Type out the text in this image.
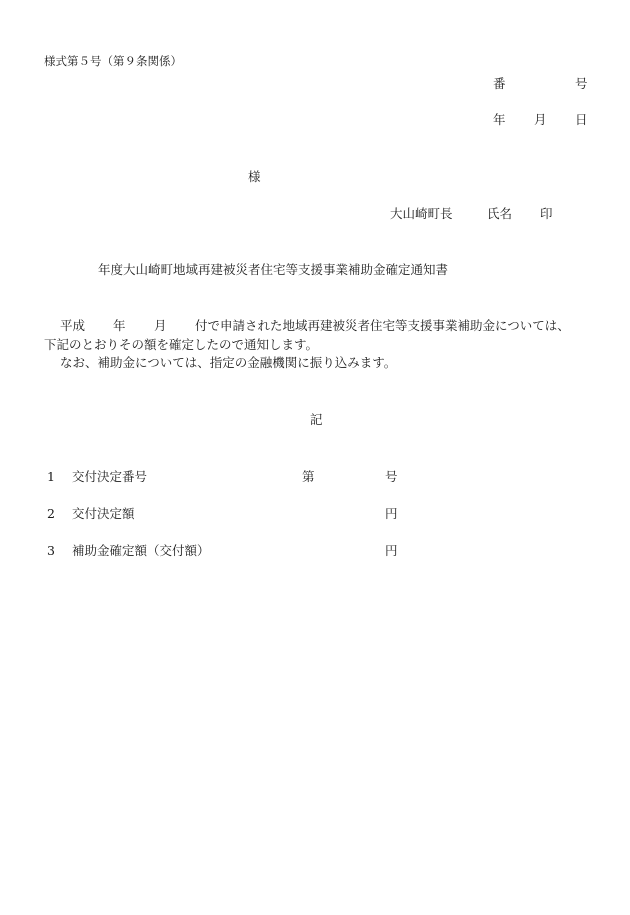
様式第５号（第９条関係）
番	号
年 月 日
様
大山崎町長	氏名 印
年度大山崎町地域再建被災者住宅等支援事業補助金確定通知書
平成 年 月 付で申請された地域再建被災者住宅等支援事業補助金については、
下記のとおりその額を確定したので通知します。
なお、補助金については、指定の金融機関に振り込みます。
記
1 交付決定番号	第	号
2 交付決定額	円
3 補助金確定額（交付額）	円
